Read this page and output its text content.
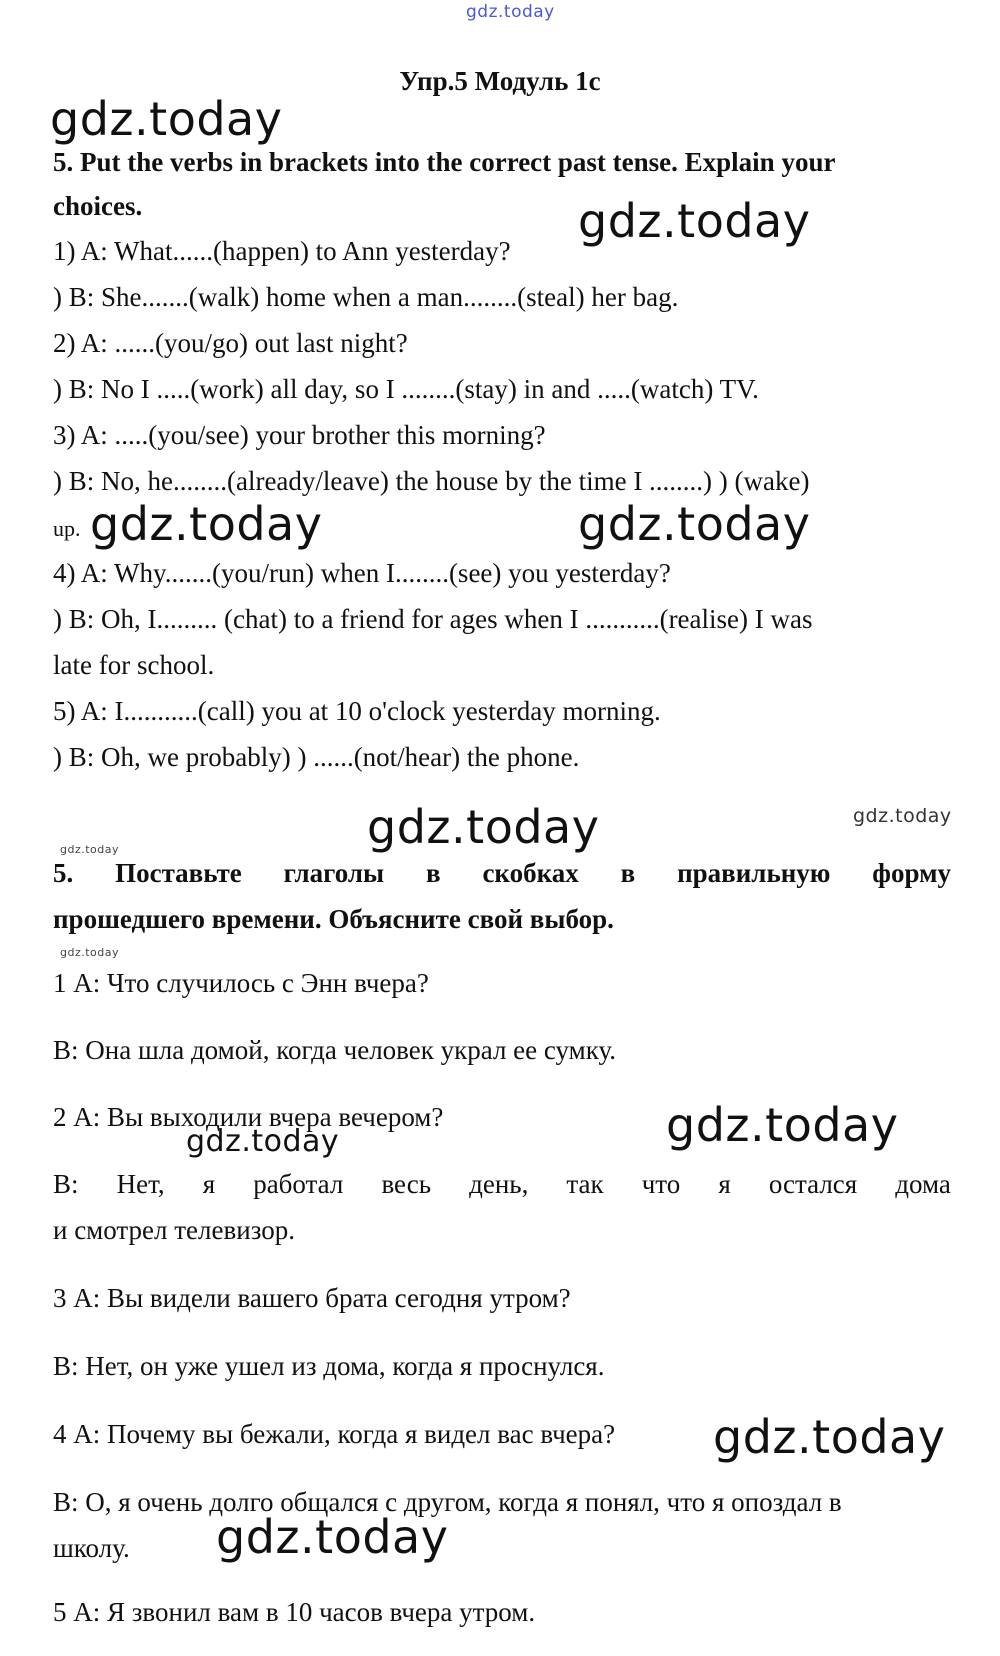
gdz.today
Упр.5 Модуль 1с
gdz.today
5. Put the verbs in brackets into the correct past tense. Explain your
choices.	gdz.today
1) A: What......(happen) to Ann yesterday?
) B: She.......(walk) home when a man........(steal) her bag.
2) A: ......(you/go) out last night?
) B: No I .....(work) all day, so I ........(stay) in and .....(watch) TV.
3) A: .....(you/see) your brother this morning?
) B: No, he........(already/leave) the house by the time I ........) ) (wake)
up. gdz.today	gdz.today
4) A: Why.......(you/run) when I........(see) you yesterday?
) B: Oh, I......... (chat) to a friend for ages when I ...........(realise) I was
late for school.
5) A: I...........(call) you at 10 o'clock yesterday morning.
) B: Oh, we probably) ) ......(not/hear) the phone.
gdz.today	gdz.today
gdz.today
5. Поставьте глаголы в скобках в правильную форму
прошедшего времени. Объясните свой выбор.
gdz.today
1 А: Что случилось с Энн вчера?
В: Она шла домой, когда человек украл ее сумку.
2 А: Вы выходили вчера вечером?
gdz.today	gdz.today
В: Нет, я работал весь день, так что я остался дома
и смотрел телевизор.
3 А: Вы видели вашего брата сегодня утром?
В: Нет, он уже ушел из дома, когда я проснулся.
4 А: Почему вы бежали, когда я видел вас вчера? gdz.today
В: О, я очень долго общался с другом, когда я понял, что я опоздал в
школу. gdz.today
5 А: Я звонил вам в 10 часов вчера утром.
